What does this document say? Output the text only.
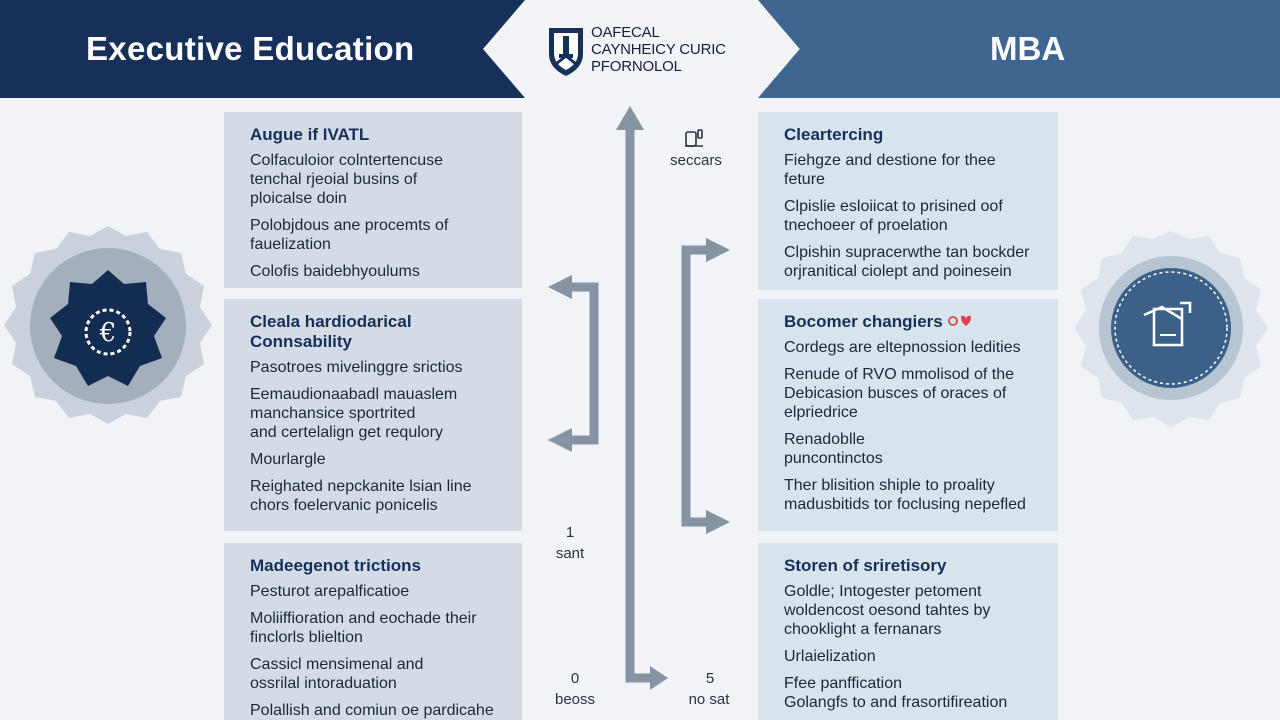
Executive Education	MBA
OAFECAL
CAYNHEICY CURIC
PFORNOLOL
€
Augue if IVATL
Colfaculoior colntertencuse
tenchal rjeoial busins of
ploicalse doin
Polobjdous ane procemts of
fauelization
Colofis baidebhyoulums
Cleala hardiodarical
Connsability
Pasotroes mivelinggre srictios
Eemaudionaabadl mauaslem
manchansice sportrited
and certelalign get requlory
Mourlargle
Reighated nepckanite lsian line
chors foelervanic ponicelis
Madeegenot trictions
Pesturot arepalficatioe
Moliiffioration and eochade their
finclorls blieltion
Cassicl mensimenal and
ossrilal intoraduation
Polallish and comiun oe pardicahe
Cleartercing
Fiehgze and destione for thee
feture
Clpislie esloiicat to prisined oof
tnechoeer of proelation
Clpishin supracerwthe tan bockder
orjranitical ciolept and poinesein
Bocomer changiers
Cordegs are eltepnossion ledities
Renude of RVO mmolisod of the
Debicasion busces of oraces of
elpriedrice
Renadoblle
puncontinctos
Ther blisition shiple to proality
madusbitids tor foclusing nepefled
Storen of sriretisory
Goldle; Intogester petoment
woldencost oesond tahtes by
chooklight a fernanars
Urlaielization
Ffee panffication
Golangfs to and frasortifireation
seccars
1
sant
0
beoss
5
no sat
